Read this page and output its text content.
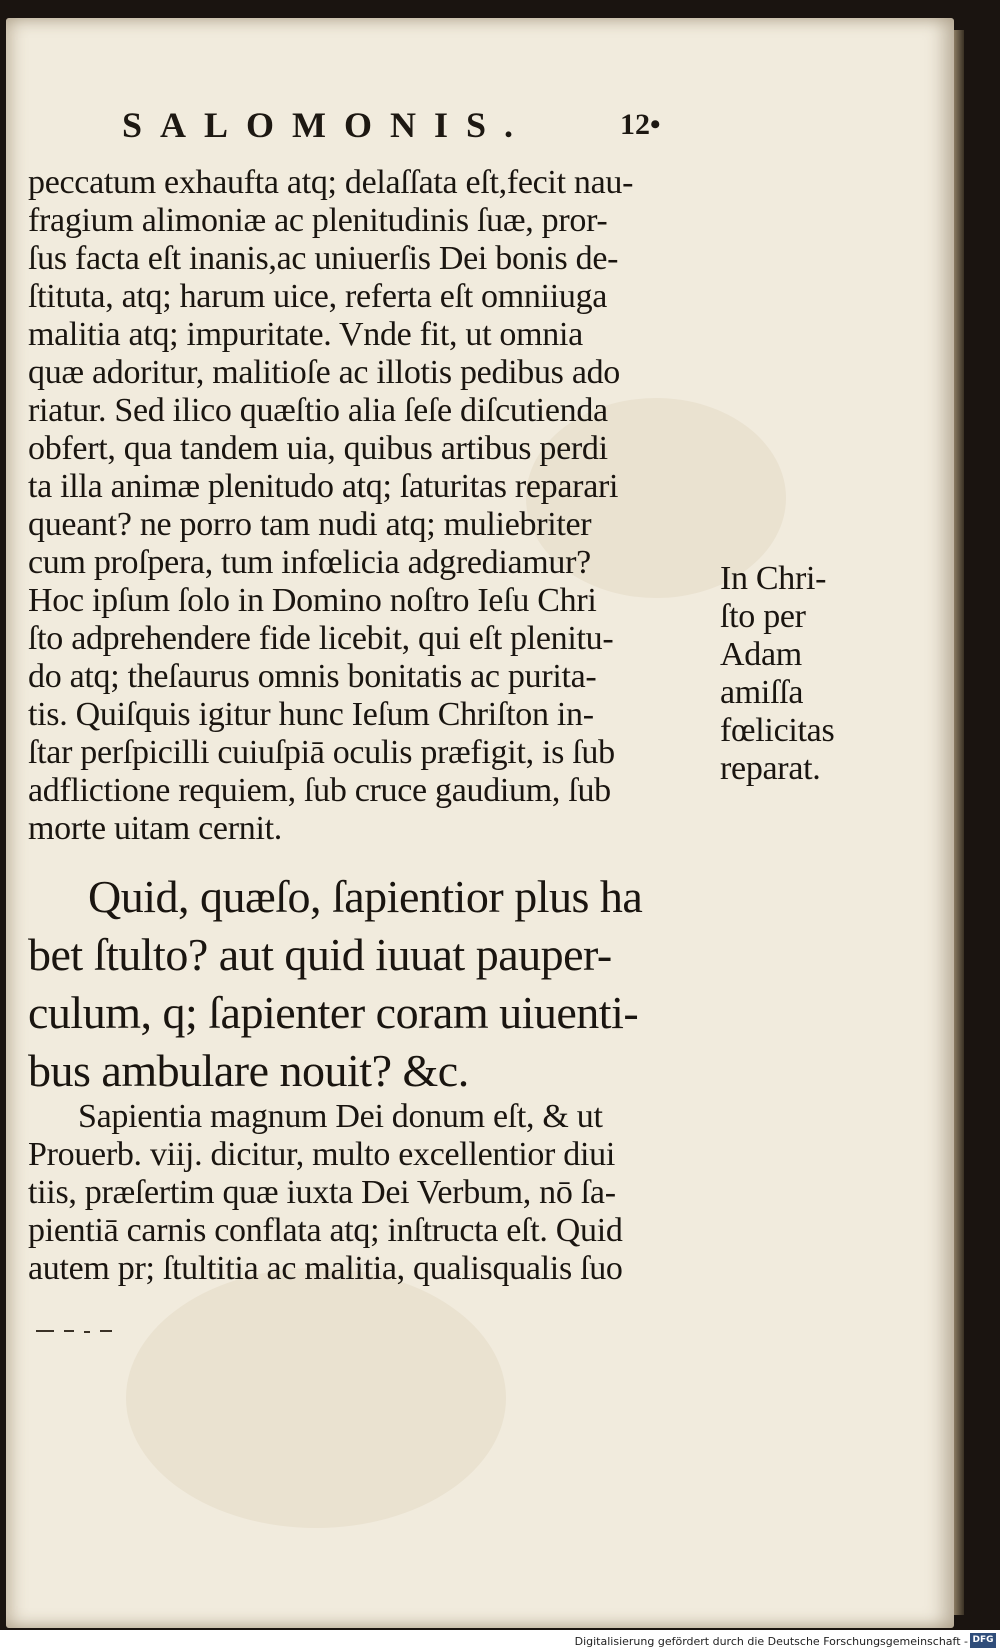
SALOMONIS.	12•
peccatum exhaufta atq; delaſſata eſt,fecit nau-
fragium alimoniæ ac plenitudinis ſuæ, pror-
ſus facta eſt inanis,ac uniuerſis Dei bonis de-
ſtituta, atq; harum uice, referta eſt omniiuga
malitia atq; impuritate. Vnde fit, ut omnia
quæ adoritur, malitioſe ac illotis pedibus ado
riatur. Sed ilico quæſtio alia ſeſe diſcutienda
obfert, qua tandem uia, quibus artibus perdi
ta illa animæ plenitudo atq; ſaturitas reparari
queant? ne porro tam nudi atq; muliebriter
cum proſpera, tum infœlicia adgrediamur?
Hoc ipſum ſolo in Domino noſtro Ieſu Chri
ſto adprehendere fide licebit, qui eſt plenitu-
do atq; theſaurus omnis bonitatis ac purita-
tis. Quiſquis igitur hunc Ieſum Chriſton in-
ſtar perſpicilli cuiuſpiā oculis præfigit, is ſub
adflictione requiem, ſub cruce gaudium, ſub
morte uitam cernit.
In Chri-
ſto per
Adam
amiſſa
fœlicitas
reparat.
Quid, quæſo, ſapientior plus ha
bet ſtulto? aut quid iuuat pauper-
culum, q; ſapienter coram uiuenti-
bus ambulare nouit? &c.
Sapientia magnum Dei donum eſt, & ut
Prouerb. viij. dicitur, multo excellentior diui
tiis, præſertim quæ iuxta Dei Verbum, nō ſa-
pientiā carnis conflata atq; inſtructa eſt. Quid
autem pr; ſtultitia ac malitia, qualisqualis ſuo
Digitalisierung gefördert durch die Deutsche Forschungsgemeinschaft - DFG
